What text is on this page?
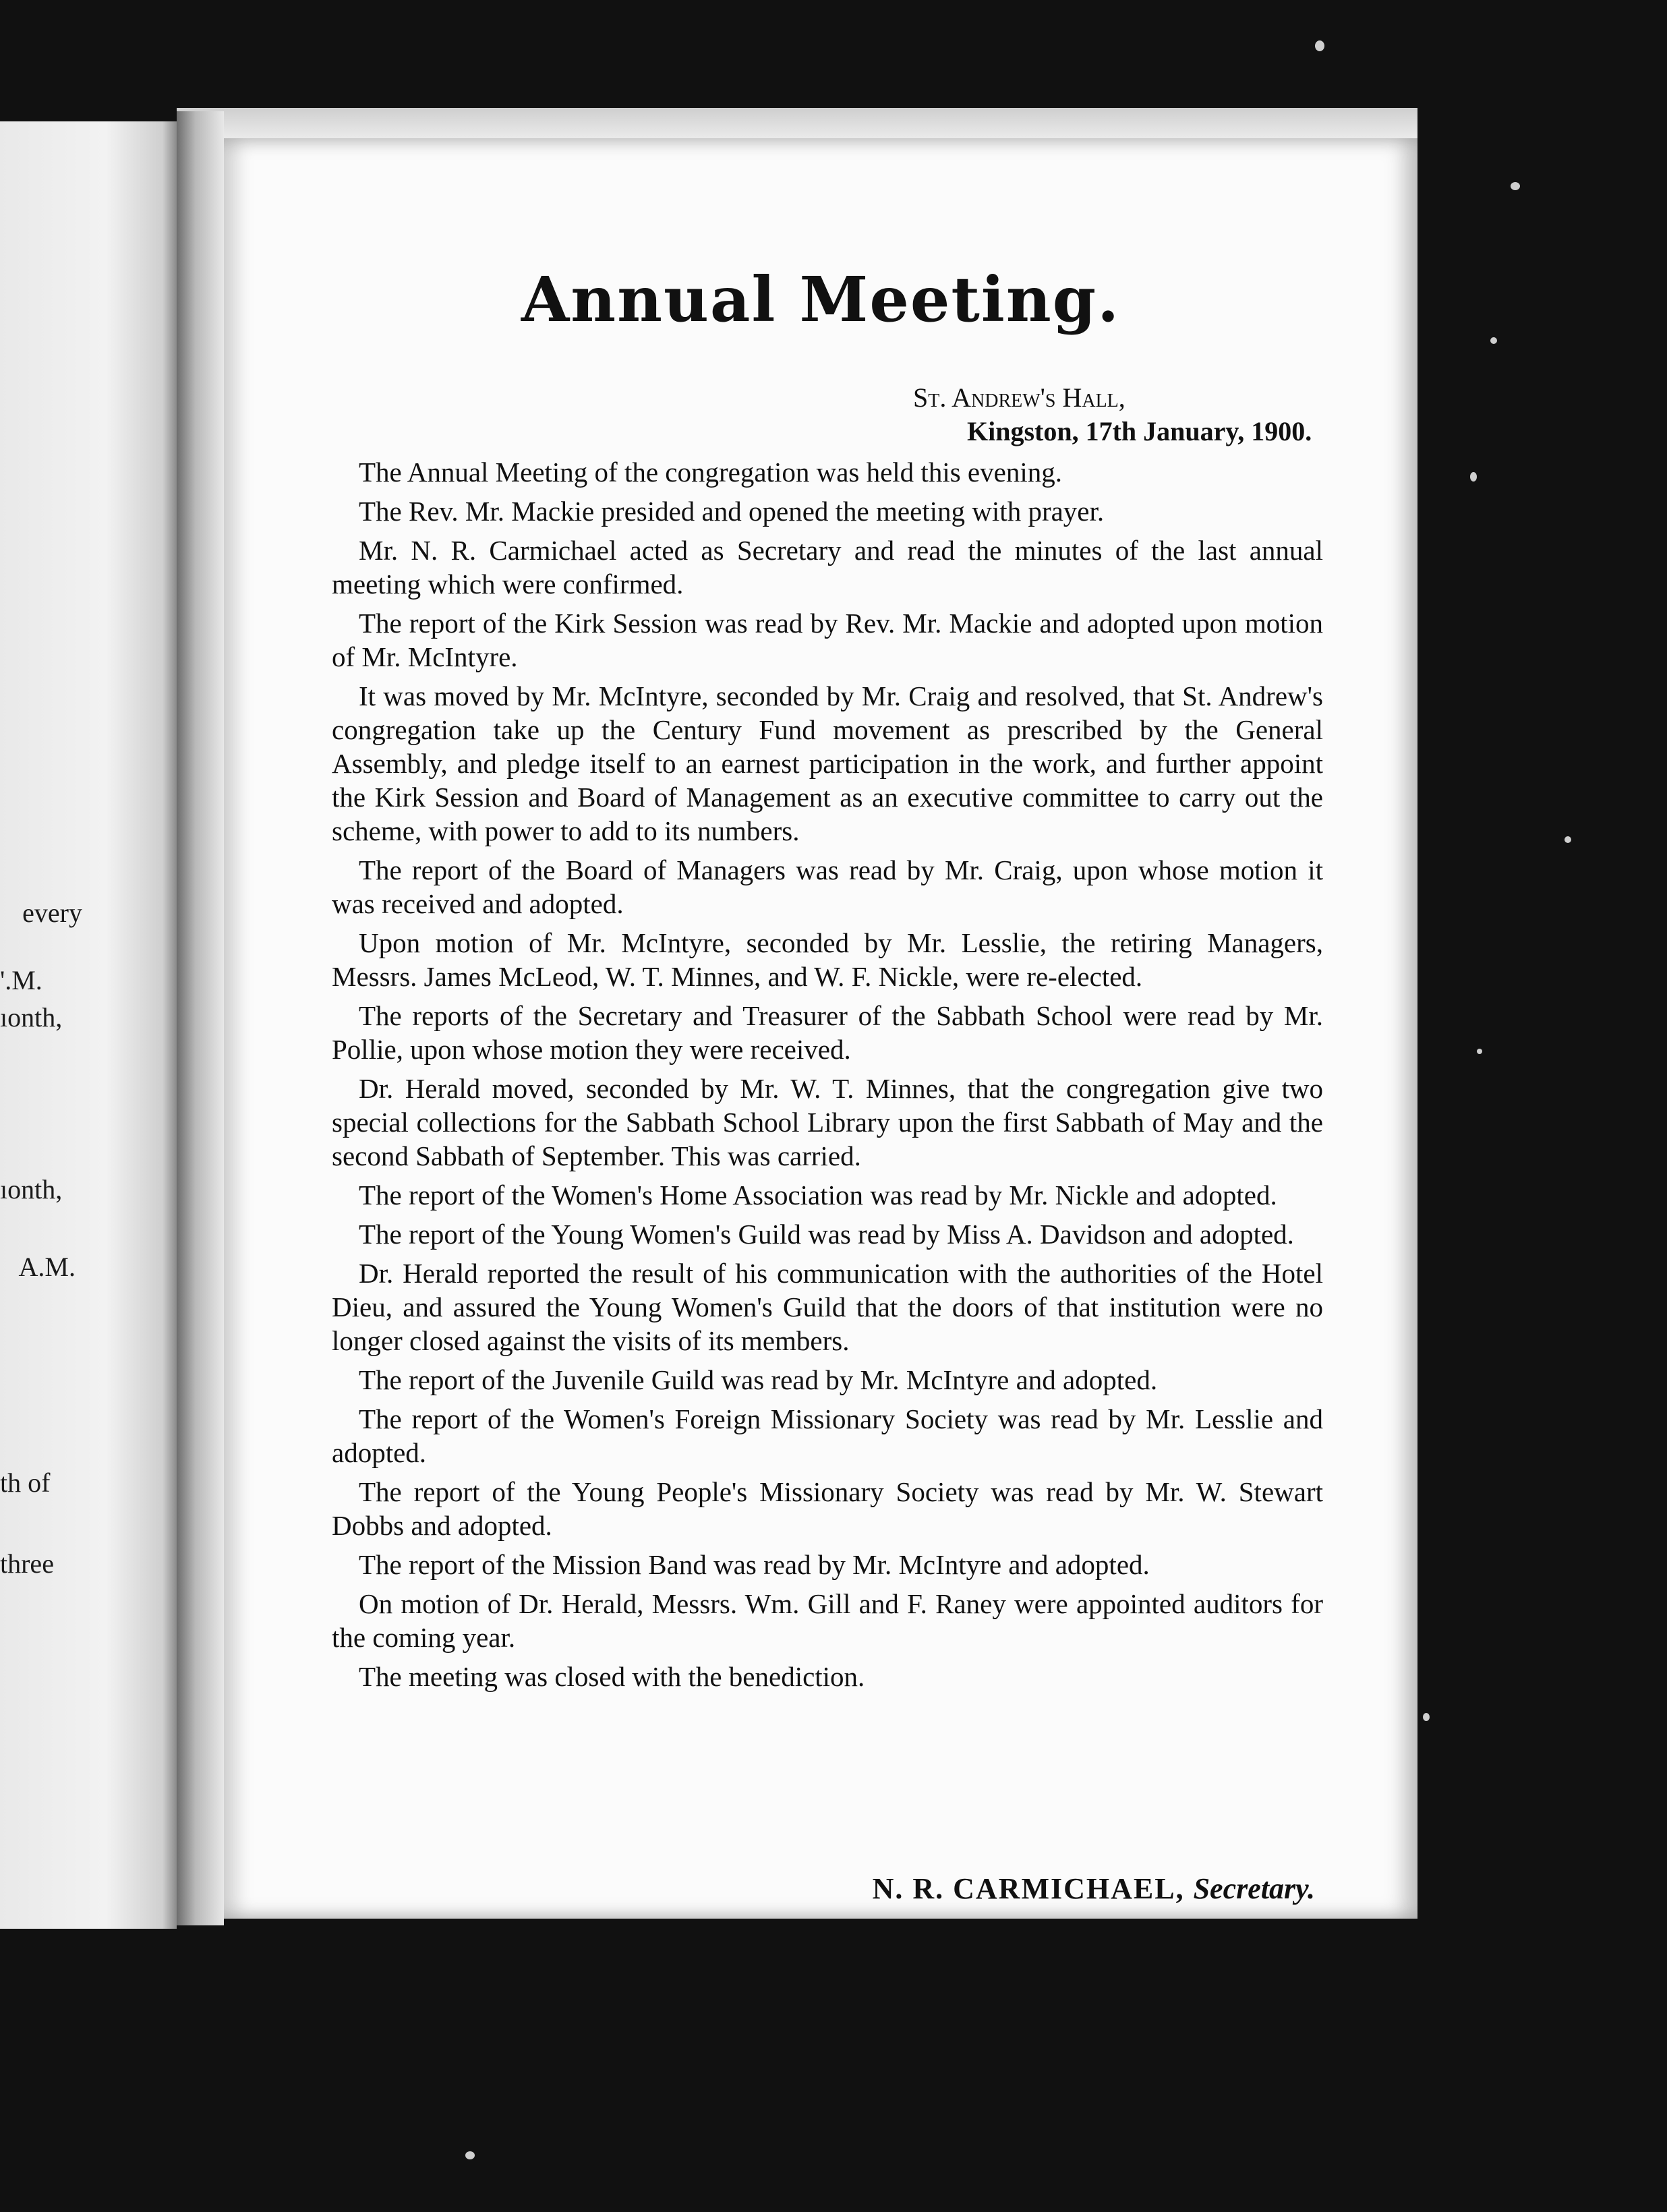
every
'.M.
ıonth,
ıonth,
A.M.
th of
three
Annual Meeting.
St. Andrew's Hall,
Kingston, 17th January, 1900.

The Annual Meeting of the congregation was held this evening.

The Rev. Mr. Mackie presided and opened the meeting with prayer.

Mr. N. R. Carmichael acted as Secretary and read the minutes of the last annual meeting which were confirmed.

The report of the Kirk Session was read by Rev. Mr. Mackie and adopted upon motion of Mr. McIntyre.

It was moved by Mr. McIntyre, seconded by Mr. Craig and resolved, that St. Andrew's congregation take up the Century Fund movement as prescribed by the General Assembly, and pledge itself to an earnest participation in the work, and further appoint the Kirk Session and Board of Management as an executive committee to carry out the scheme, with power to add to its numbers.

The report of the Board of Managers was read by Mr. Craig, upon whose motion it was received and adopted.

Upon motion of Mr. McIntyre, seconded by Mr. Lesslie, the retiring Managers, Messrs. James McLeod, W. T. Minnes, and W. F. Nickle, were re-elected.

The reports of the Secretary and Treasurer of the Sabbath School were read by Mr. Pollie, upon whose motion they were received.

Dr. Herald moved, seconded by Mr. W. T. Minnes, that the congregation give two special collections for the Sabbath School Library upon the first Sabbath of May and the second Sabbath of September. This was carried.

The report of the Women's Home Association was read by Mr. Nickle and adopted.

The report of the Young Women's Guild was read by Miss A. Davidson and adopted.

Dr. Herald reported the result of his communication with the authorities of the Hotel Dieu, and assured the Young Women's Guild that the doors of that institution were no longer closed against the visits of its members.

The report of the Juvenile Guild was read by Mr. McIntyre and adopted.

The report of the Women's Foreign Missionary Society was read by Mr. Lesslie and adopted.

The report of the Young People's Missionary Society was read by Mr. W. Stewart Dobbs and adopted.

The report of the Mission Band was read by Mr. McIntyre and adopted.

On motion of Dr. Herald, Messrs. Wm. Gill and F. Raney were appointed auditors for the coming year.

The meeting was closed with the benediction.

N. R. CARMICHAEL, Secretary.
